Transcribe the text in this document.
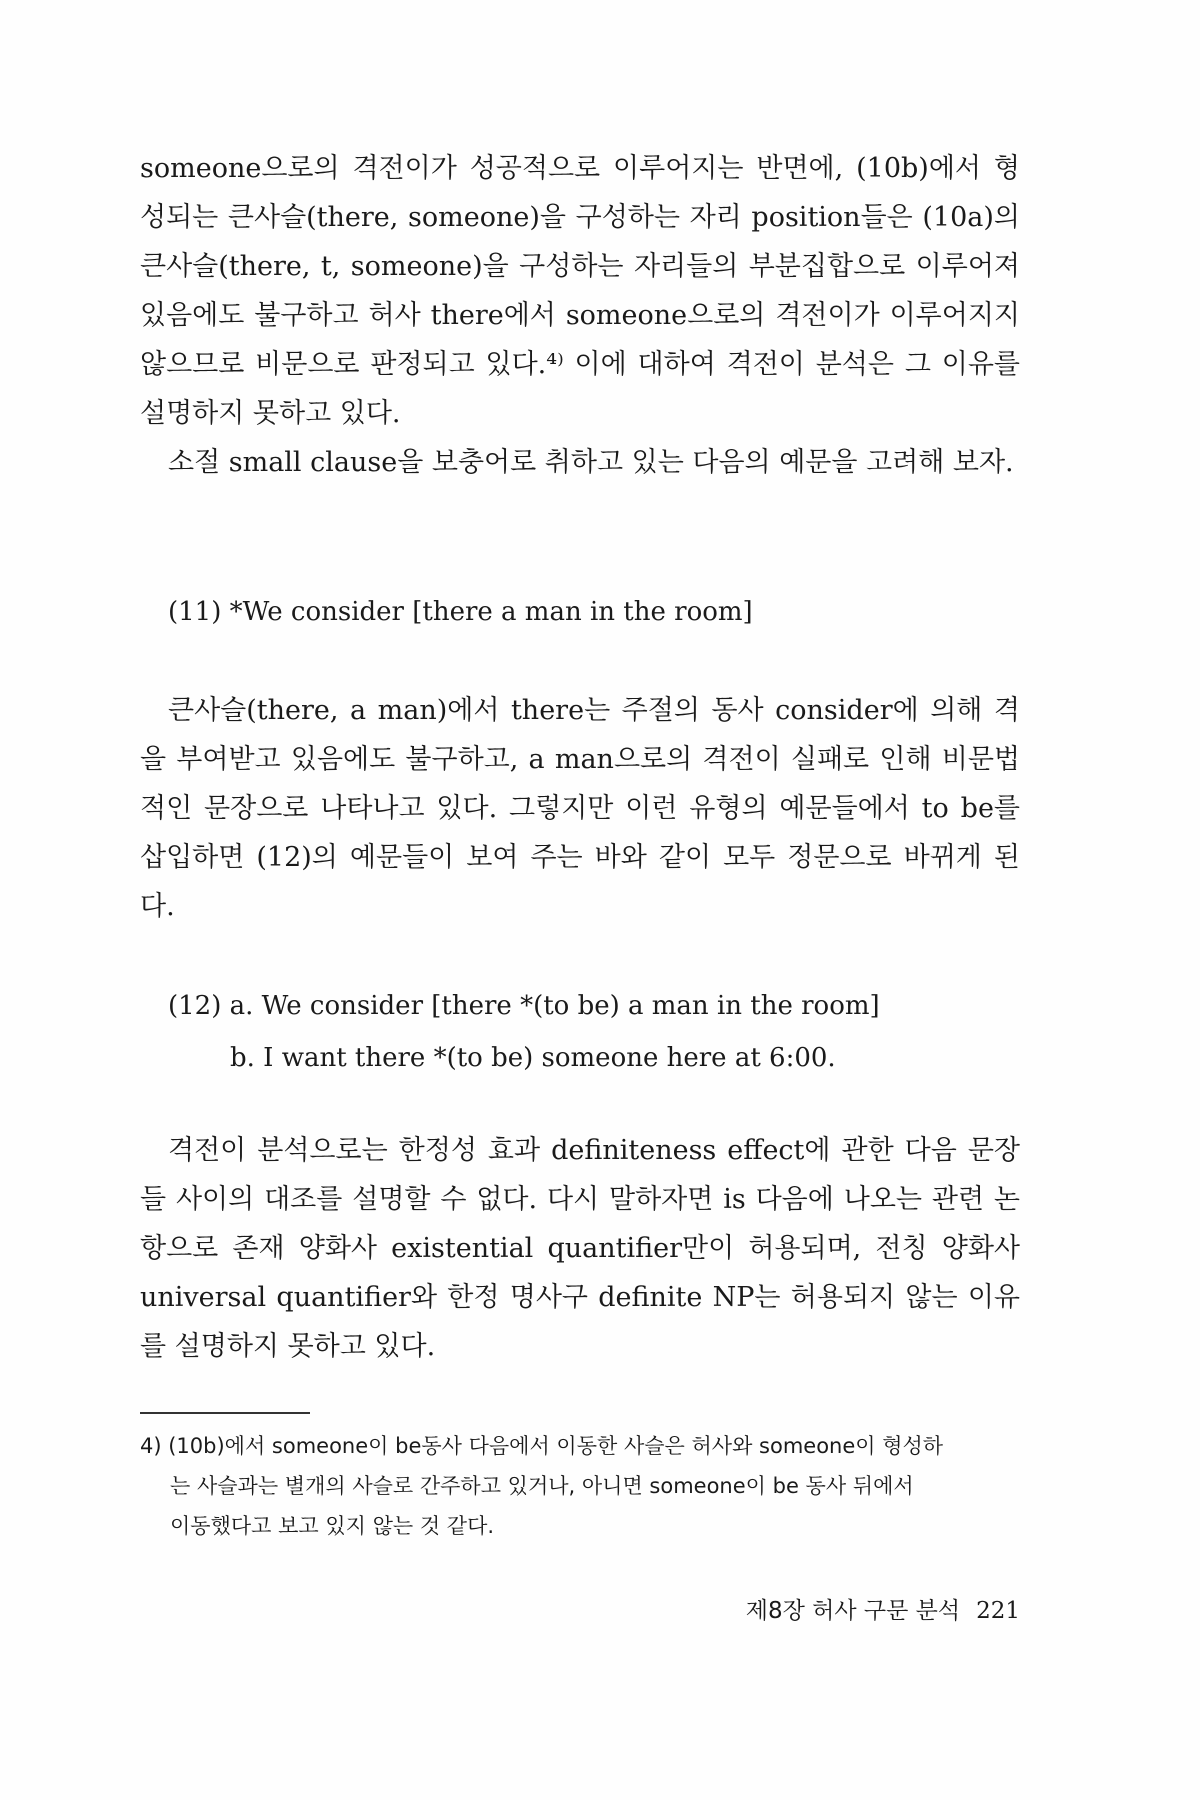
someone으로의 격전이가 성공적으로 이루어지는 반면에, (10b)에서 형성되는 큰사슬(there, someone)을 구성하는 자리 position들은 (10a)의 큰사슬(there, t, someone)을 구성하는 자리들의 부분집합으로 이루어져 있음에도 불구하고 허사 there에서 someone으로의 격전이가 이루어지지 않으므로 비문으로 판정되고 있다.⁴⁾ 이에 대하여 격전이 분석은 그 이유를 설명하지 못하고 있다.

소절 small clause을 보충어로 취하고 있는 다음의 예문을 고려해 보자.

(11) *We consider [there a man in the room]

큰사슬(there, a man)에서 there는 주절의 동사 consider에 의해 격을 부여받고 있음에도 불구하고, a man으로의 격전이 실패로 인해 비문법적인 문장으로 나타나고 있다. 그렇지만 이런 유형의 예문들에서 to be를 삽입하면 (12)의 예문들이 보여 주는 바와 같이 모두 정문으로 바뀌게 된다.

(12) a. We consider [there *(to be) a man in the room]

b. I want there *(to be) someone here at 6:00.

격전이 분석으로는 한정성 효과 definiteness effect에 관한 다음 문장들 사이의 대조를 설명할 수 없다. 다시 말하자면 is 다음에 나오는 관련 논항으로 존재 양화사 existential quantifier만이 허용되며, 전칭 양화사 universal quantifier와 한정 명사구 definite NP는 허용되지 않는 이유를 설명하지 못하고 있다.

4) (10b)에서 someone이 be동사 다음에서 이동한 사슬은 허사와 someone이 형성하
는 사슬과는 별개의 사슬로 간주하고 있거나, 아니면 someone이 be 동사 뒤에서
이동했다고 보고 있지 않는 것 같다.

제8장 허사 구문 분석 221
